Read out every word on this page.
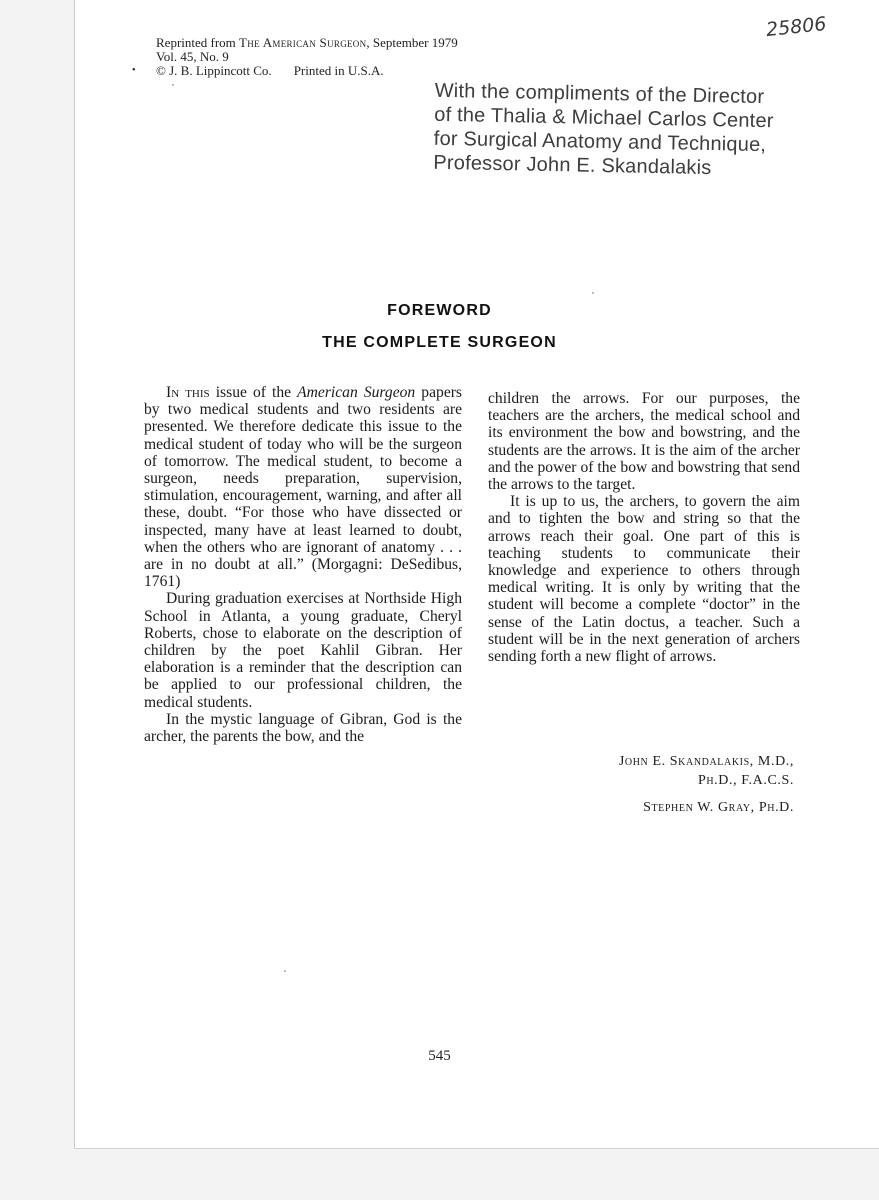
•
Reprinted from The American Surgeon, September 1979
Vol. 45, No. 9
© J. B. Lippincott Co. Printed in U.S.A.
25806
With the compliments of the Director
of the Thalia & Michael Carlos Center
for Surgical Anatomy and Technique,
Professor John E. Skandalakis
FOREWORD
THE COMPLETE SURGEON

In this issue of the American Surgeon papers by two medical students and two residents are presented. We therefore dedicate this issue to the medical student of today who will be the surgeon of tomorrow. The medical student, to become a surgeon, needs preparation, supervision, stimulation, encouragement, warning, and after all these, doubt. “For those who have dissected or inspected, many have at least learned to doubt, when the others who are ignorant of anatomy . . . are in no doubt at all.” (Morgagni: DeSedibus, 1761)

During graduation exercises at Northside High School in Atlanta, a young graduate, Cheryl Roberts, chose to elaborate on the description of children by the poet Kahlil Gibran. Her elaboration is a reminder that the description can be applied to our professional children, the medical students.

In the mystic language of Gibran, God is the archer, the parents the bow, and the

children the arrows. For our purposes, the teachers are the archers, the medical school and its environment the bow and bowstring, and the students are the arrows. It is the aim of the archer and the power of the bow and bowstring that send the arrows to the target.

It is up to us, the archers, to govern the aim and to tighten the bow and string so that the arrows reach their goal. One part of this is teaching students to communicate their knowledge and experience to others through medical writing. It is only by writing that the student will become a complete “doctor” in the sense of the Latin doctus, a teacher. Such a student will be in the next generation of archers sending forth a new flight of arrows.

John E. Skandalakis, M.D.,
Ph.D., F.A.C.S.
Stephen W. Gray, Ph.D.
545
